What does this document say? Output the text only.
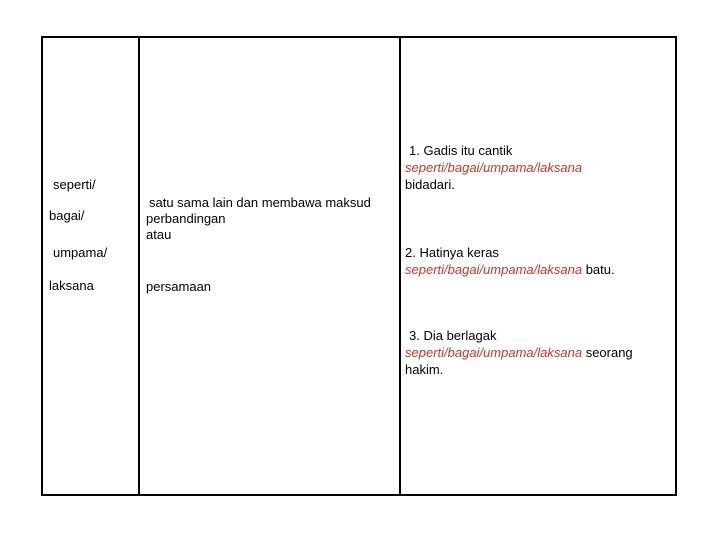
seperti/
bagai/
umpama/
laksana
satu sama lain dan membawa maksud
perbandingan
atau
persamaan
1. Gadis itu cantik
seperti/bagai/umpama/laksana
bidadari.
2. Hatinya keras
seperti/bagai/umpama/laksana batu.
3. Dia berlagak
seperti/bagai/umpama/laksana seorang hakim.
